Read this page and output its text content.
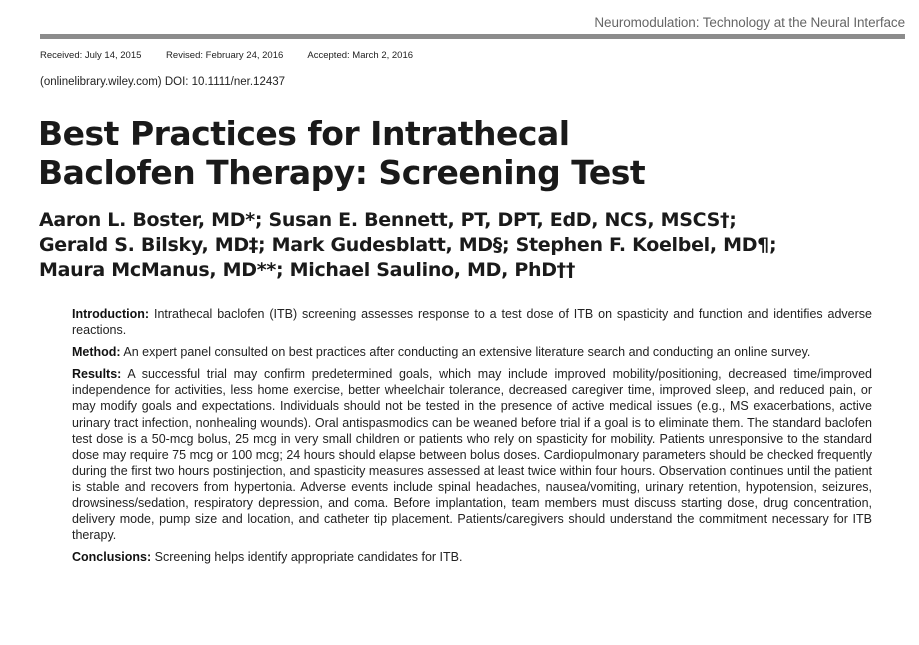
Neuromodulation: Technology at the Neural Interface
Received: July 14, 2015	Revised: February 24, 2016	Accepted: March 2, 2016
(onlinelibrary.wiley.com) DOI: 10.1111/ner.12437
Best Practices for Intrathecal
Baclofen Therapy: Screening Test
Aaron L. Boster, MD*; Susan E. Bennett, PT, DPT, EdD, NCS, MSCS†;
Gerald S. Bilsky, MD‡; Mark Gudesblatt, MD§; Stephen F. Koelbel, MD¶;
Maura McManus, MD**; Michael Saulino, MD, PhD††

Introduction: Intrathecal baclofen (ITB) screening assesses response to a test dose of ITB on spasticity and function and identifies adverse reactions.

Method: An expert panel consulted on best practices after conducting an extensive literature search and conducting an online survey.

Results: A successful trial may confirm predetermined goals, which may include improved mobility/positioning, decreased time/improved independence for activities, less home exercise, better wheelchair tolerance, decreased caregiver time, improved sleep, and reduced pain, or may modify goals and expectations. Individuals should not be tested in the presence of active medical issues (e.g., MS exacerbations, active urinary tract infection, nonhealing wounds). Oral antispasmodics can be weaned before trial if a goal is to eliminate them. The standard baclofen test dose is a 50-mcg bolus, 25 mcg in very small children or patients who rely on spasticity for mobility. Patients unresponsive to the standard dose may require 75 mcg or 100 mcg; 24 hours should elapse between bolus doses. Cardiopulmonary parameters should be checked frequently during the first two hours postinjection, and spasticity measures assessed at least twice within four hours. Observation continues until the patient is stable and recovers from hypertonia. Adverse events include spinal headaches, nausea/vomiting, urinary retention, hypotension, seizures, drowsiness/sedation, respiratory depression, and coma. Before implantation, team members must discuss starting dose, drug concentration, delivery mode, pump size and location, and catheter tip placement. Patients/caregivers should understand the commitment necessary for ITB therapy.

Conclusions: Screening helps identify appropriate candidates for ITB.
